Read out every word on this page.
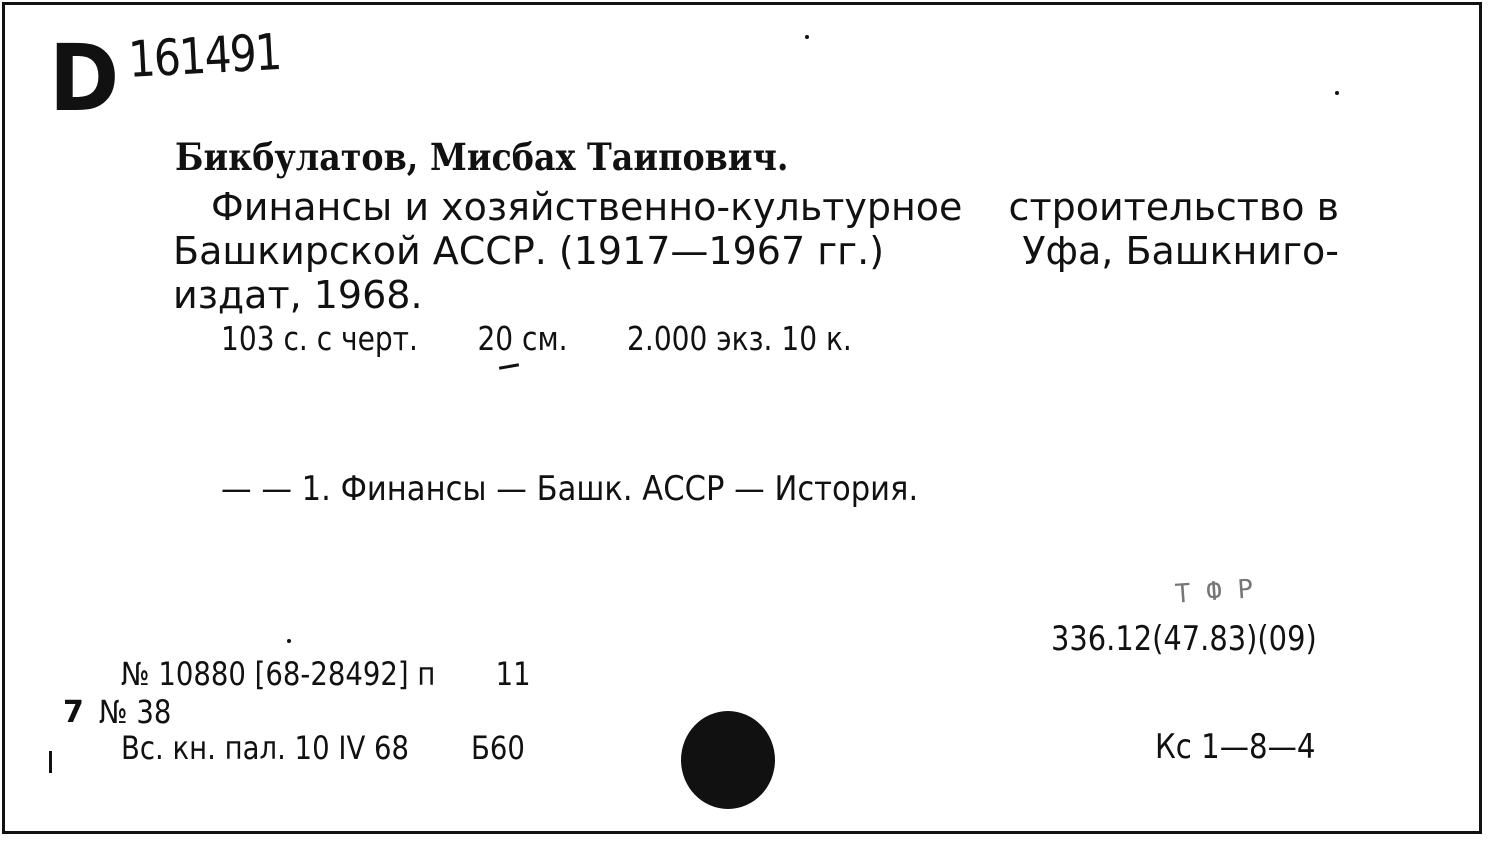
D 161491
Бикбулатов, Мисбах Таипович.
Финансы и хозяйственно-культурное строительство в
Башкирской АССР. (1917—1967 гг.)	Уфа, Башкниго-
издат, 1968.
103 с. с черт. 20 см. 2.000 экз. 10 к.
— — 1. Финансы — Башк. АССР — История.
Т Ф Р
336.12(47.83)(09)
№ 10880 [68-28492] п 11
7 № 38
Вс. кн. пал. 10 IV 68 Б60	Кс 1—8—4
